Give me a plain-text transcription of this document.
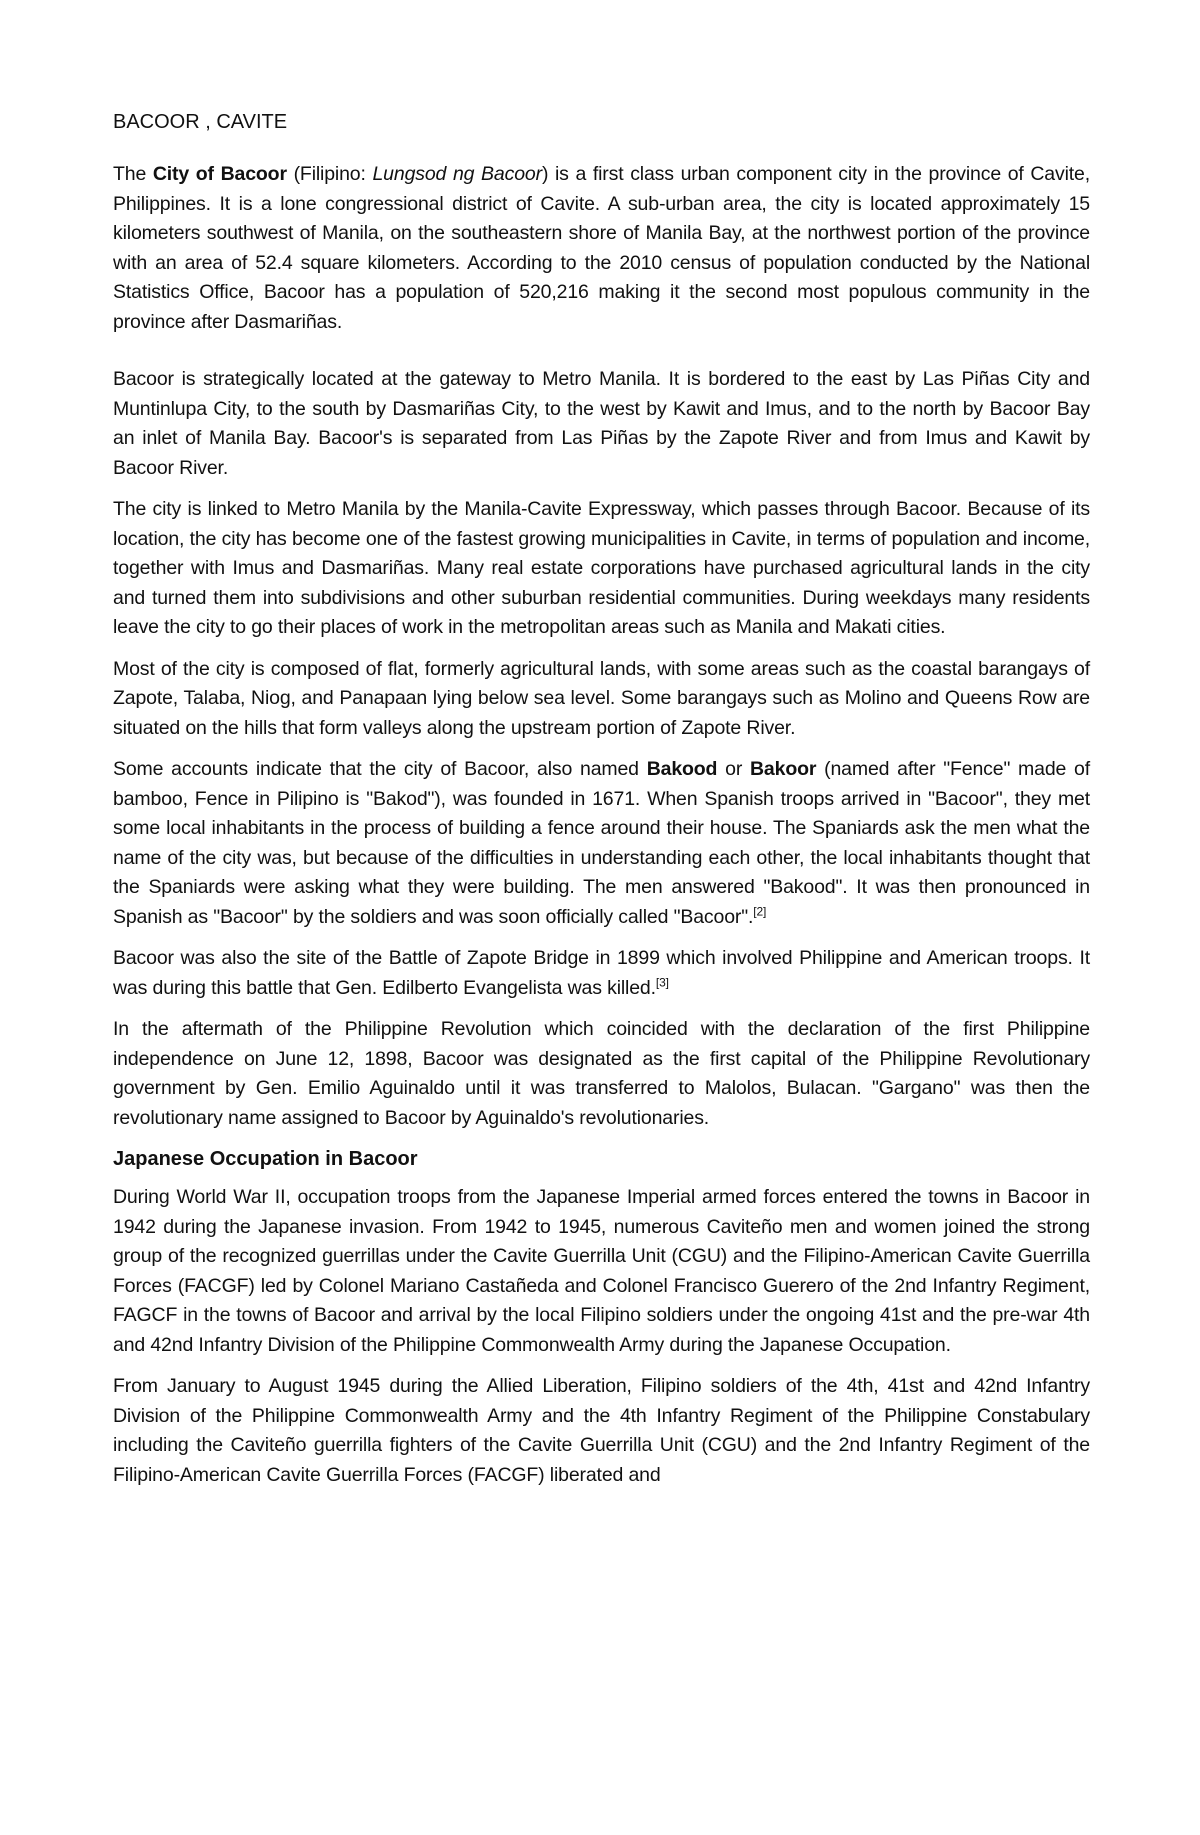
BACOOR , CAVITE

The City of Bacoor (Filipino: Lungsod ng Bacoor) is a first class urban component city in the province of Cavite, Philippines. It is a lone congressional district of Cavite. A sub-urban area, the city is located approximately 15 kilometers southwest of Manila, on the southeastern shore of Manila Bay, at the northwest portion of the province with an area of 52.4 square kilometers. According to the 2010 census of population conducted by the National Statistics Office, Bacoor has a population of 520,216 making it the second most populous community in the province after Dasmariñas.

Bacoor is strategically located at the gateway to Metro Manila. It is bordered to the east by Las Piñas City and Muntinlupa City, to the south by Dasmariñas City, to the west by Kawit and Imus, and to the north by Bacoor Bay an inlet of Manila Bay. Bacoor's is separated from Las Piñas by the Zapote River and from Imus and Kawit by Bacoor River.

The city is linked to Metro Manila by the Manila-Cavite Expressway, which passes through Bacoor. Because of its location, the city has become one of the fastest growing municipalities in Cavite, in terms of population and income, together with Imus and Dasmariñas. Many real estate corporations have purchased agricultural lands in the city and turned them into subdivisions and other suburban residential communities. During weekdays many residents leave the city to go their places of work in the metropolitan areas such as Manila and Makati cities.

Most of the city is composed of flat, formerly agricultural lands, with some areas such as the coastal barangays of Zapote, Talaba, Niog, and Panapaan lying below sea level. Some barangays such as Molino and Queens Row are situated on the hills that form valleys along the upstream portion of Zapote River.

Some accounts indicate that the city of Bacoor, also named Bakood or Bakoor (named after "Fence" made of bamboo, Fence in Pilipino is "Bakod"), was founded in 1671. When Spanish troops arrived in "Bacoor", they met some local inhabitants in the process of building a fence around their house. The Spaniards ask the men what the name of the city was, but because of the difficulties in understanding each other, the local inhabitants thought that the Spaniards were asking what they were building. The men answered "Bakood". It was then pronounced in Spanish as "Bacoor" by the soldiers and was soon officially called "Bacoor".[2]

Bacoor was also the site of the Battle of Zapote Bridge in 1899 which involved Philippine and American troops. It was during this battle that Gen. Edilberto Evangelista was killed.[3]

In the aftermath of the Philippine Revolution which coincided with the declaration of the first Philippine independence on June 12, 1898, Bacoor was designated as the first capital of the Philippine Revolutionary government by Gen. Emilio Aguinaldo until it was transferred to Malolos, Bulacan. "Gargano" was then the revolutionary name assigned to Bacoor by Aguinaldo's revolutionaries.

Japanese Occupation in Bacoor

During World War II, occupation troops from the Japanese Imperial armed forces entered the towns in Bacoor in 1942 during the Japanese invasion. From 1942 to 1945, numerous Caviteño men and women joined the strong group of the recognized guerrillas under the Cavite Guerrilla Unit (CGU) and the Filipino-American Cavite Guerrilla Forces (FACGF) led by Colonel Mariano Castañeda and Colonel Francisco Guerero of the 2nd Infantry Regiment, FAGCF in the towns of Bacoor and arrival by the local Filipino soldiers under the ongoing 41st and the pre-war 4th and 42nd Infantry Division of the Philippine Commonwealth Army during the Japanese Occupation.

From January to August 1945 during the Allied Liberation, Filipino soldiers of the 4th, 41st and 42nd Infantry Division of the Philippine Commonwealth Army and the 4th Infantry Regiment of the Philippine Constabulary including the Caviteño guerrilla fighters of the Cavite Guerrilla Unit (CGU) and the 2nd Infantry Regiment of the Filipino-American Cavite Guerrilla Forces (FACGF) liberated and
